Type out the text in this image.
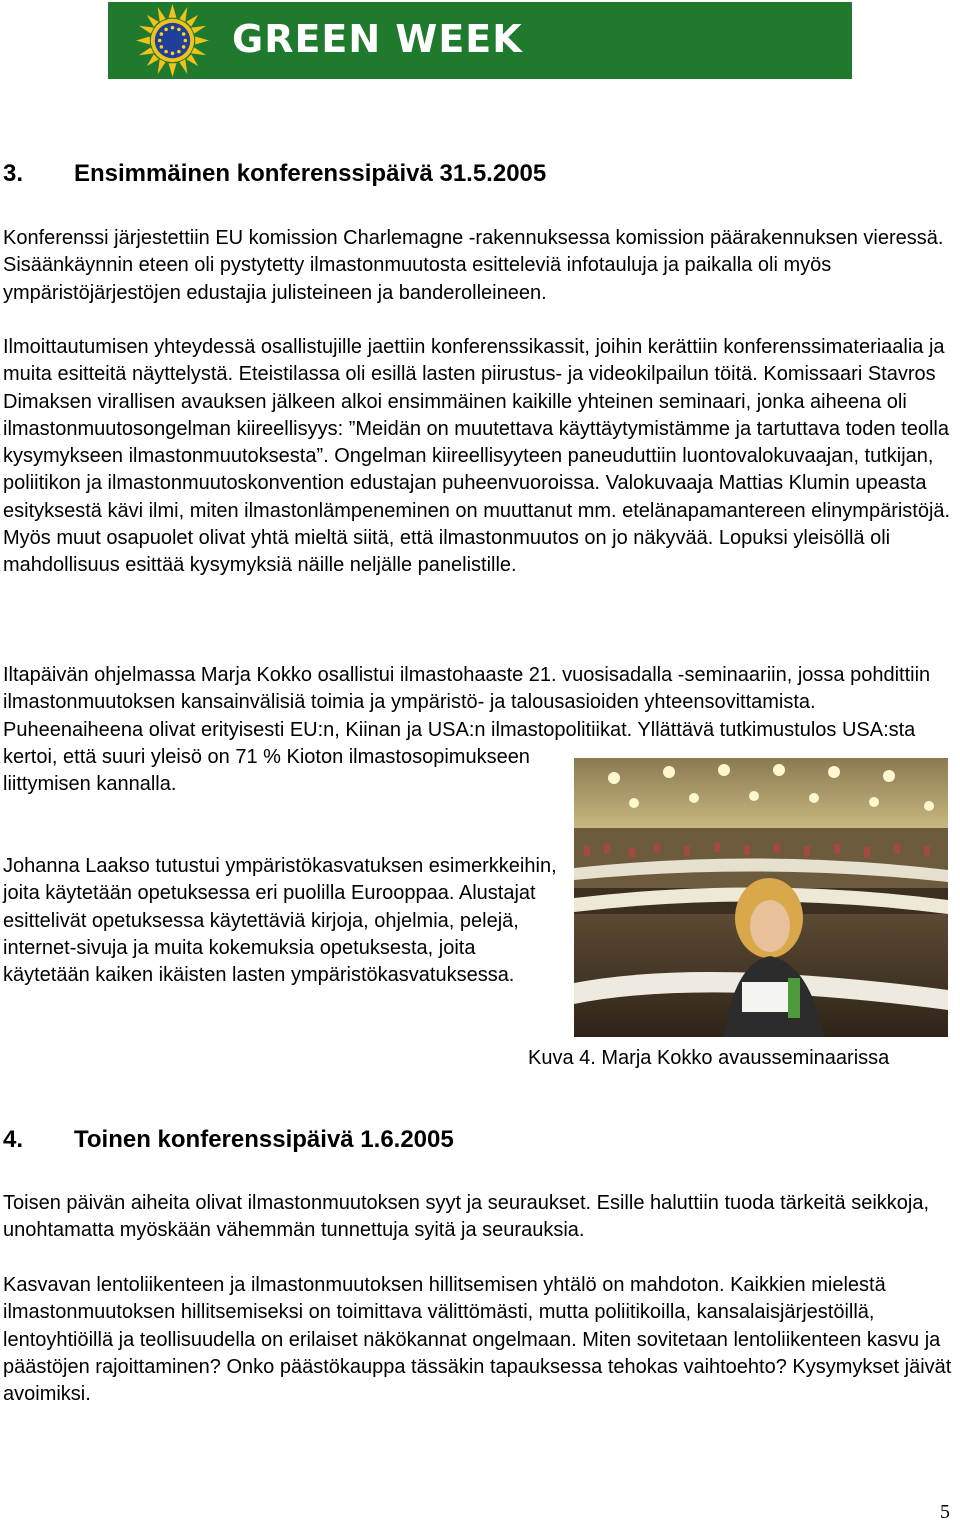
GREEN WEEK
3. Ensimmäinen konferenssipäivä 31.5.2005
Konferenssi järjestettiin EU komission Charlemagne -rakennuksessa komission päärakennuksen vieressä. Sisäänkäynnin eteen oli pystytetty ilmastonmuutosta esitteleviä infotauluja ja paikalla oli myös ympäristöjärjestöjen edustajia julisteineen ja banderolleineen.
Ilmoittautumisen yhteydessä osallistujille jaettiin konferenssikassit, joihin kerättiin konferenssimateriaalia ja muita esitteitä näyttelystä. Eteistilassa oli esillä lasten piirustus- ja videokilpailun töitä. Komissaari Stavros Dimaksen virallisen avauksen jälkeen alkoi ensimmäinen kaikille yhteinen seminaari, jonka aiheena oli ilmastonmuutosongelman kiireellisyys: ”Meidän on muutettava käyttäytymistämme ja tartuttava toden teolla kysymykseen ilmastonmuutoksesta”. Ongelman kiireellisyyteen paneuduttiin luontovalokuvaajan, tutkijan, poliitikon ja ilmastonmuutoskonvention edustajan puheenvuoroissa. Valokuvaaja Mattias Klumin upeasta esityksestä kävi ilmi, miten ilmastonlämpeneminen on muuttanut mm. etelänapamantereen elinympäristöjä. Myös muut osapuolet olivat yhtä mieltä siitä, että ilmastonmuutos on jo näkyvää. Lopuksi yleisöllä oli mahdollisuus esittää kysymyksiä näille neljälle panelistille.
Iltapäivän ohjelmassa Marja Kokko osallistui ilmastohaaste 21. vuosisadalla -seminaariin, jossa pohdittiin
ilmastonmuutoksen kansainvälisiä toimia ja ympäristö- ja talousasioiden yhteensovittamista.
Puheenaiheena olivat erityisesti EU:n, Kiinan ja USA:n ilmastopolitiikat. Yllättävä tutkimustulos USA:sta
kertoi, että suuri yleisö on 71 % Kioton ilmastosopimukseen
liittymisen kannalla.
Johanna Laakso tutustui ympäristökasvatuksen esimerkkeihin, joita käytetään opetuksessa eri puolilla Eurooppaa. Alustajat esittelivät opetuksessa käytettäviä kirjoja, ohjelmia, pelejä, internet-sivuja ja muita kokemuksia opetuksesta, joita käytetään kaiken ikäisten lasten ympäristökasvatuksessa.
Kuva 4. Marja Kokko avausseminaarissa
4. Toinen konferenssipäivä 1.6.2005
Toisen päivän aiheita olivat ilmastonmuutoksen syyt ja seuraukset. Esille haluttiin tuoda tärkeitä seikkoja, unohtamatta myöskään vähemmän tunnettuja syitä ja seurauksia.
Kasvavan lentoliikenteen ja ilmastonmuutoksen hillitsemisen yhtälö on mahdoton. Kaikkien mielestä ilmastonmuutoksen hillitsemiseksi on toimittava välittömästi, mutta poliitikoilla, kansalaisjärjestöillä, lentoyhtiöillä ja teollisuudella on erilaiset näkökannat ongelmaan. Miten sovitetaan lentoliikenteen kasvu ja päästöjen rajoittaminen? Onko päästökauppa tässäkin tapauksessa tehokas vaihtoehto? Kysymykset jäivät avoimiksi.
5
